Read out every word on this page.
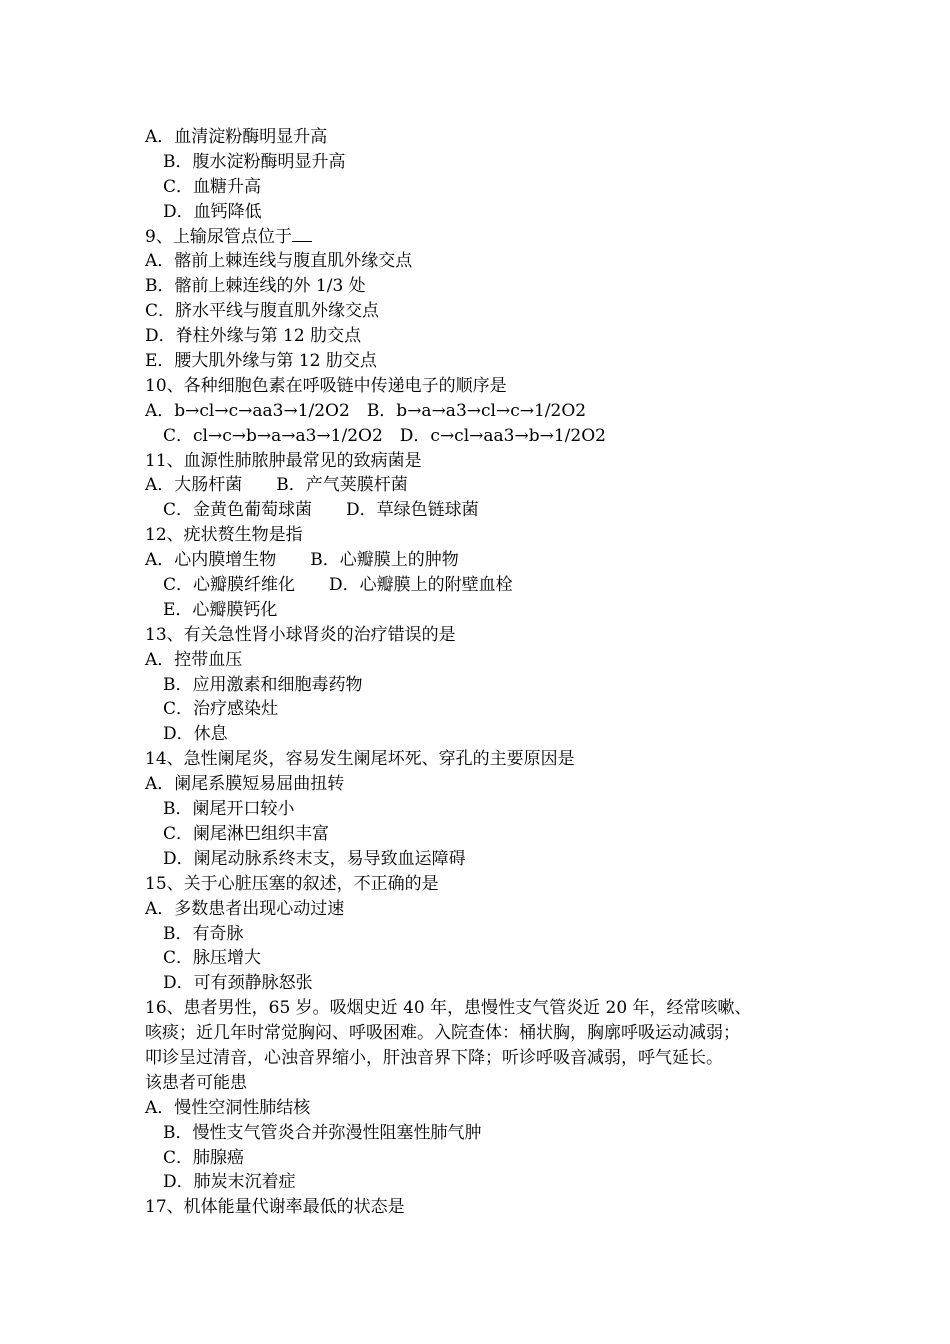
A．血清淀粉酶明显升高
B．腹水淀粉酶明显升高
C．血糖升高
D．血钙降低
9、上输尿管点位于
A．髂前上棘连线与腹直肌外缘交点
B．髂前上棘连线的外 1/3 处
C．脐水平线与腹直肌外缘交点
D．脊柱外缘与第 12 肋交点
E．腰大肌外缘与第 12 肋交点
10、各种细胞色素在呼吸链中传递电子的顺序是
A．b→cl→c→aa3→1/2O2　B．b→a→a3→cl→c→1/2O2
C．cl→c→b→a→a3→1/2O2　D．c→cl→aa3→b→1/2O2
11、血源性肺脓肿最常见的致病菌是
A．大肠杆菌　　B．产气荚膜杆菌
C．金黄色葡萄球菌　　D．草绿色链球菌
12、疣状赘生物是指
A．心内膜增生物　　B．心瓣膜上的肿物
C．心瓣膜纤维化　　D．心瓣膜上的附壁血栓
E．心瓣膜钙化
13、有关急性肾小球肾炎的治疗错误的是
A．控带血压
B．应用激素和细胞毒药物
C．治疗感染灶
D．休息
14、急性阑尾炎，容易发生阑尾坏死、穿孔的主要原因是
A．阑尾系膜短易屈曲扭转
B．阑尾开口较小
C．阑尾淋巴组织丰富
D．阑尾动脉系终末支，易导致血运障碍
15、关于心脏压塞的叙述，不正确的是
A．多数患者出现心动过速
B．有奇脉
C．脉压增大
D．可有颈静脉怒张
16、患者男性，65 岁。吸烟史近 40 年，患慢性支气管炎近 20 年，经常咳嗽、
咳痰；近几年时常觉胸闷、呼吸困难。入院查体：桶状胸，胸廓呼吸运动减弱；
叩诊呈过清音，心浊音界缩小，肝浊音界下降；听诊呼吸音减弱，呼气延长。
该患者可能患
A．慢性空洞性肺结核
B．慢性支气管炎合并弥漫性阻塞性肺气肿
C．肺腺癌
D．肺炭末沉着症
17、机体能量代谢率最低的状态是
